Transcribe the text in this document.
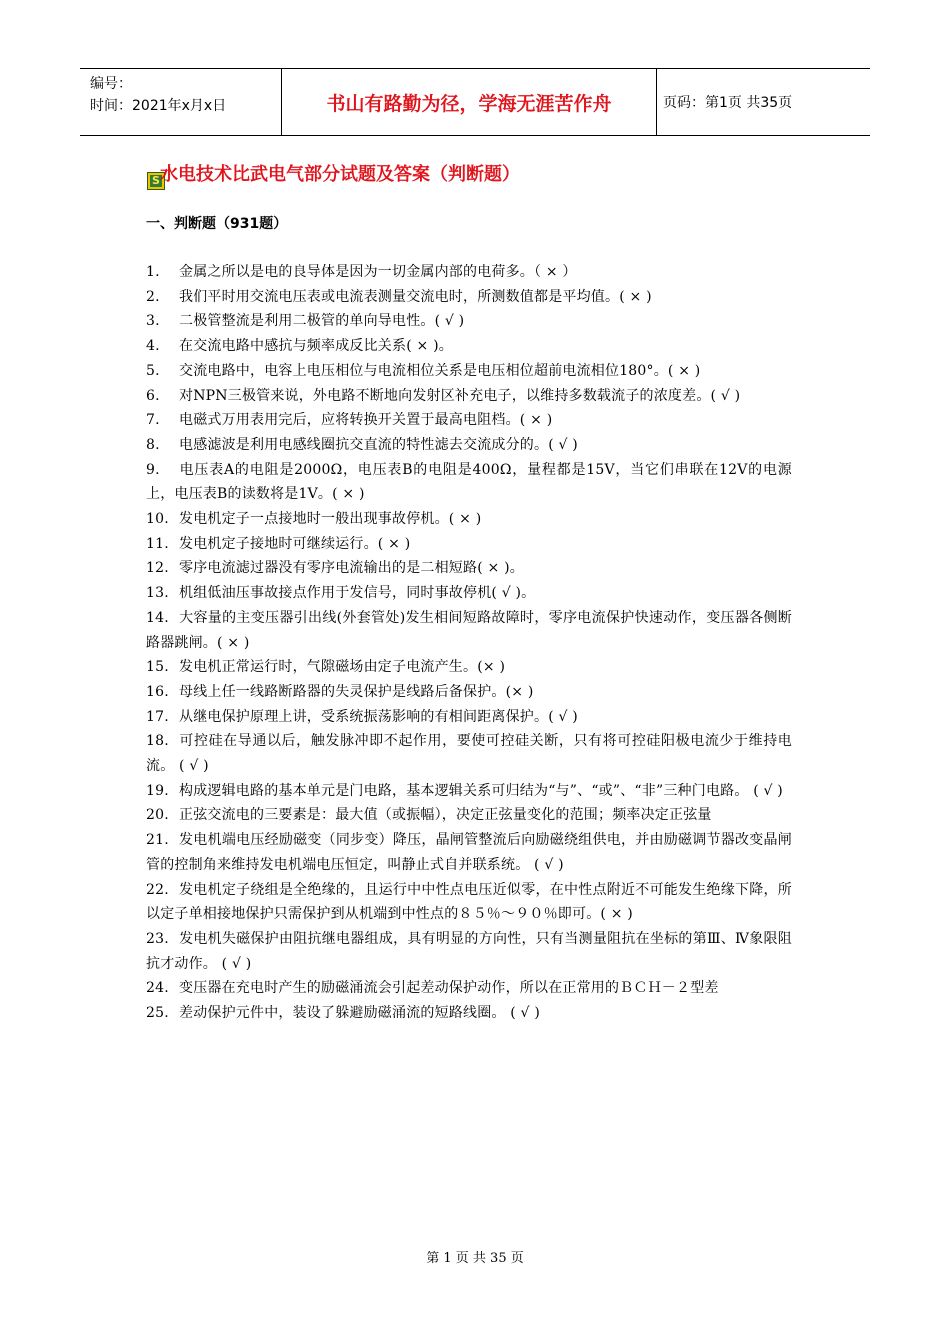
编号：
时间：2021年x月x日	书山有路勤为径，学海无涯苦作舟	页码：第1页 共35页
S 水电技术比武电气部分试题及答案（判断题）
一、判断题（931题）
1. 金属之所以是电的良导体是因为一切金属内部的电荷多。（ × ）
2. 我们平时用交流电压表或电流表测量交流电时，所测数值都是平均值。( × )
3. 二极管整流是利用二极管的单向导电性。( √ )
4. 在交流电路中感抗与频率成反比关系( × )。
5. 交流电路中，电容上电压相位与电流相位关系是电压相位超前电流相位180°。( × )
6. 对NPN三极管来说，外电路不断地向发射区补充电子，以维持多数载流子的浓度差。( √ )
7. 电磁式万用表用完后，应将转换开关置于最高电阻档。( × )
8. 电感滤波是利用电感线圈抗交直流的特性滤去交流成分的。( √ )
9. 电压表A的电阻是2000Ω，电压表B的电阻是400Ω，量程都是15V，当它们串联在12V的电源上，电压表B的读数将是1V。( × )
10. 发电机定子一点接地时一般出现事故停机。( × )
11. 发电机定子接地时可继续运行。( × )
12. 零序电流滤过器没有零序电流输出的是二相短路( × )。
13. 机组低油压事故接点作用于发信号，同时事故停机( √ )。
14. 大容量的主变压器引出线(外套管处)发生相间短路故障时，零序电流保护快速动作，变压器各侧断路器跳闸。( × )
15. 发电机正常运行时，气隙磁场由定子电流产生。(× )
16. 母线上任一线路断路器的失灵保护是线路后备保护。(× )
17. 从继电保护原理上讲，受系统振荡影响的有相间距离保护。( √ )
18. 可控硅在导通以后，触发脉冲即不起作用，要使可控硅关断，只有将可控硅阳极电流少于维持电流。 ( √ )
19. 构成逻辑电路的基本单元是门电路，基本逻辑关系可归结为“与”、“或”、“非”三种门电路。 ( √ )
20. 正弦交流电的三要素是：最大值（或振幅），决定正弦量变化的范围；频率决定正弦量
21. 发电机端电压经励磁变（同步变）降压，晶闸管整流后向励磁绕组供电，并由励磁调节器改变晶闸管的控制角来维持发电机端电压恒定，叫静止式自并联系统。 ( √ )
22. 发电机定子绕组是全绝缘的，且运行中中性点电压近似零，在中性点附近不可能发生绝缘下降，所以定子单相接地保护只需保护到从机端到中性点的８５％～９０％即可。( × )
23. 发电机失磁保护由阻抗继电器组成，具有明显的方向性，只有当测量阻抗在坐标的第Ⅲ、Ⅳ象限阻抗才动作。 ( √ )
24. 变压器在充电时产生的励磁涌流会引起差动保护动作，所以在正常用的ＢＣＨ－２型差
25. 差动保护元件中，装设了躲避励磁涌流的短路线圈。 ( √ )
第 1 页 共 35 页
